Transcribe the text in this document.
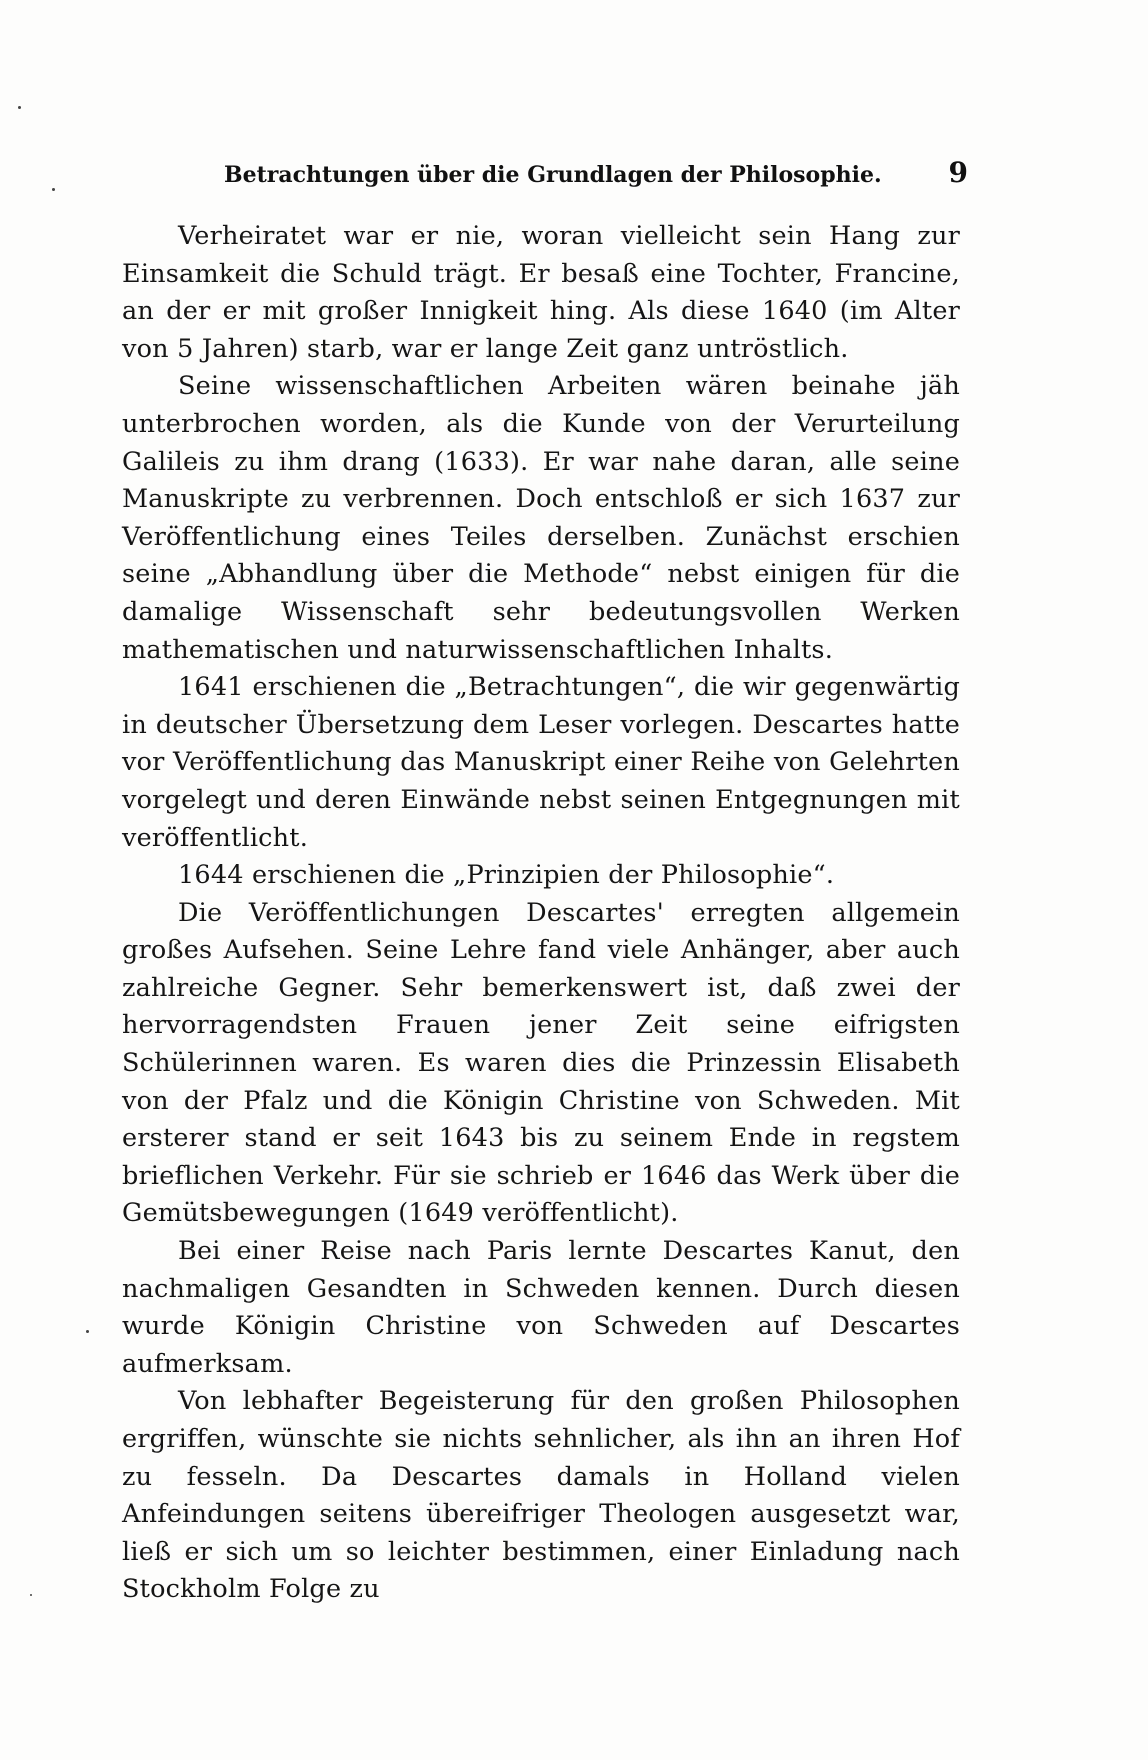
Betrachtungen über die Grundlagen der Philosophie. 9

Verheiratet war er nie, woran vielleicht sein Hang zur Einsamkeit die Schuld trägt. Er besaß eine Tochter, Francine, an der er mit großer Innigkeit hing. Als diese 1640 (im Alter von 5 Jahren) starb, war er lange Zeit ganz untröstlich.

Seine wissenschaftlichen Arbeiten wären beinahe jäh unterbrochen worden, als die Kunde von der Verurteilung Galileis zu ihm drang (1633). Er war nahe daran, alle seine Manuskripte zu verbrennen. Doch entschloß er sich 1637 zur Veröffentlichung eines Teiles derselben. Zunächst erschien seine „Abhandlung über die Methode“ nebst einigen für die damalige Wissenschaft sehr bedeutungsvollen Werken mathematischen und naturwissenschaftlichen Inhalts.

1641 erschienen die „Betrachtungen“, die wir gegenwärtig in deutscher Übersetzung dem Leser vorlegen. Descartes hatte vor Veröffentlichung das Manuskript einer Reihe von Gelehrten vorgelegt und deren Einwände nebst seinen Entgegnungen mit veröffentlicht.

1644 erschienen die „Prinzipien der Philosophie“.

Die Veröffentlichungen Descartes' erregten allgemein großes Aufsehen. Seine Lehre fand viele Anhänger, aber auch zahlreiche Gegner. Sehr bemerkenswert ist, daß zwei der hervorragendsten Frauen jener Zeit seine eifrigsten Schülerinnen waren. Es waren dies die Prinzessin Elisabeth von der Pfalz und die Königin Christine von Schweden. Mit ersterer stand er seit 1643 bis zu seinem Ende in regstem brieflichen Verkehr. Für sie schrieb er 1646 das Werk über die Gemütsbewegungen (1649 veröffentlicht).

Bei einer Reise nach Paris lernte Descartes Kanut, den nachmaligen Gesandten in Schweden kennen. Durch diesen wurde Königin Christine von Schweden auf Descartes aufmerksam.

Von lebhafter Begeisterung für den großen Philosophen ergriffen, wünschte sie nichts sehnlicher, als ihn an ihren Hof zu fesseln. Da Descartes damals in Holland vielen Anfeindungen seitens übereifriger Theologen ausgesetzt war, ließ er sich um so leichter bestimmen, einer Einladung nach Stockholm Folge zu
